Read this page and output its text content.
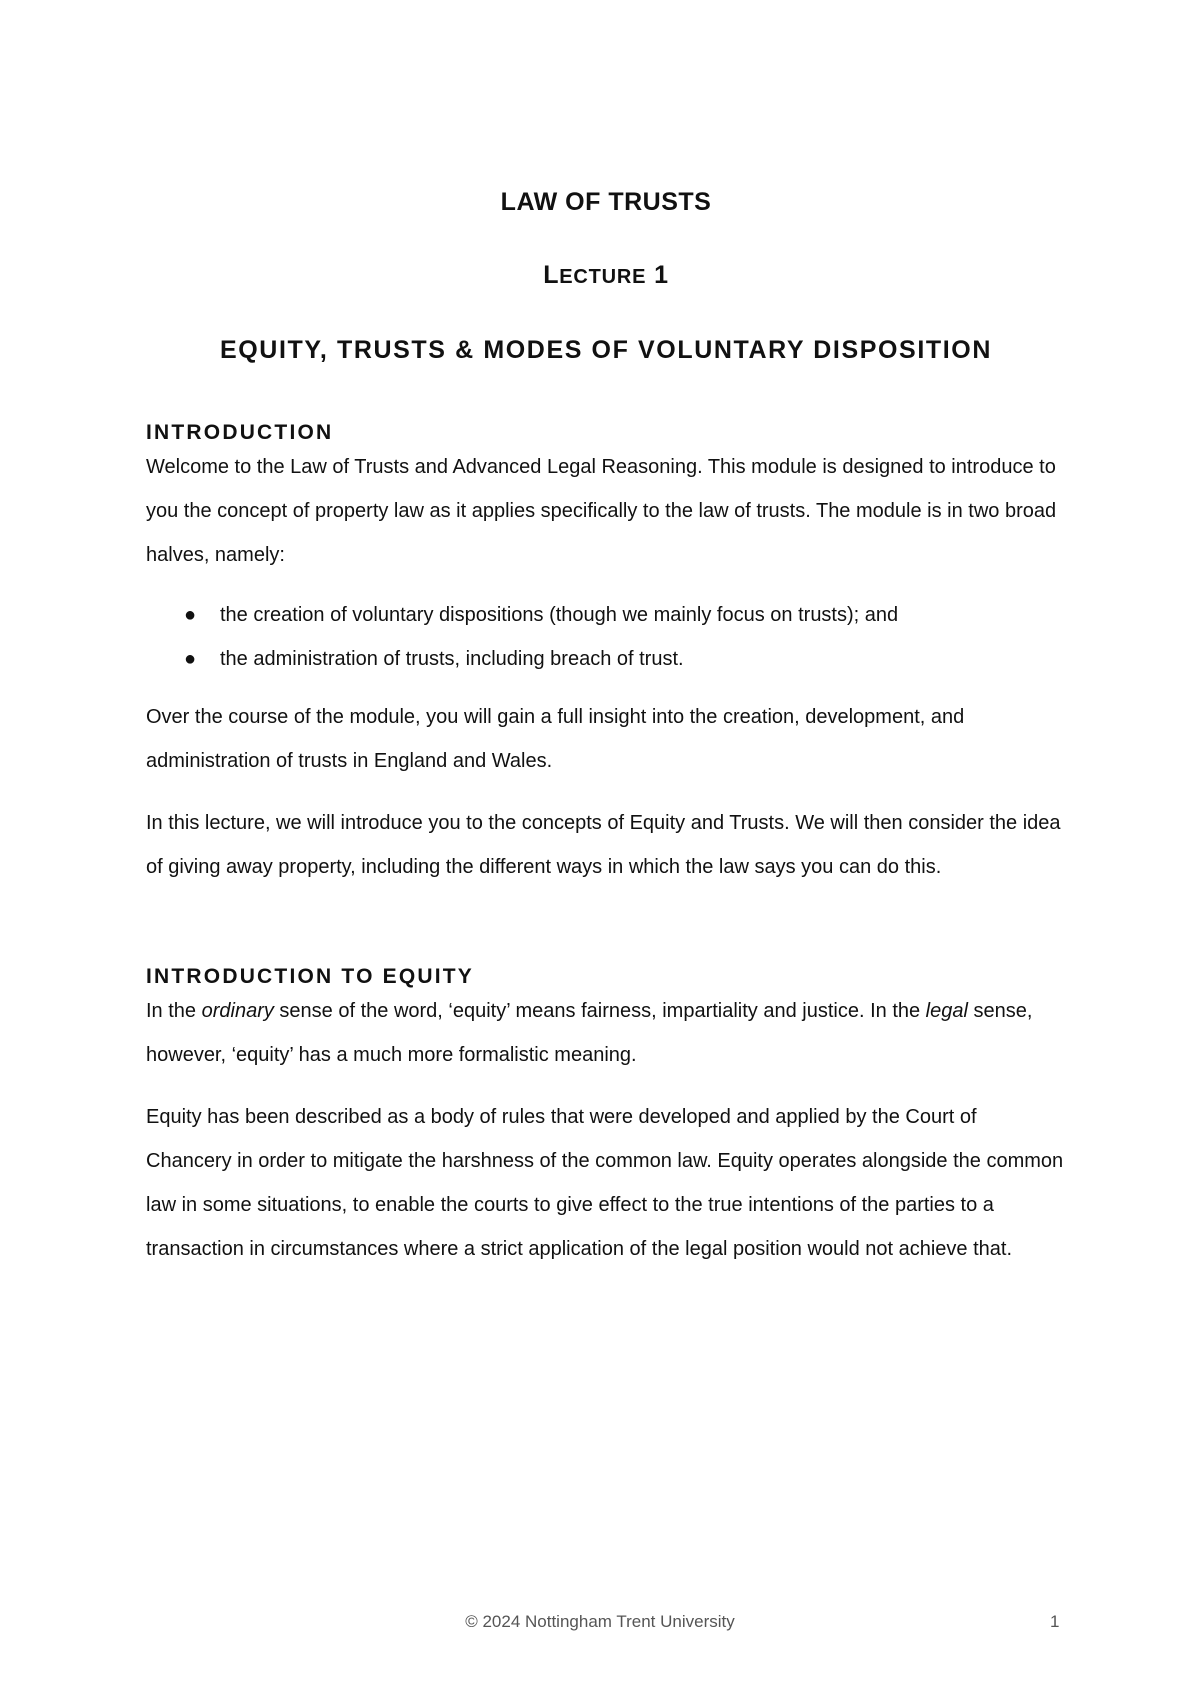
LAW OF TRUSTS
LECTURE 1
EQUITY, TRUSTS & MODES OF VOLUNTARY DISPOSITION
INTRODUCTION

Welcome to the Law of Trusts and Advanced Legal Reasoning. This module is designed to introduce to you the concept of property law as it applies specifically to the law of trusts. The module is in two broad halves, namely:

● the creation of voluntary dispositions (though we mainly focus on trusts); and
● the administration of trusts, including breach of trust.

Over the course of the module, you will gain a full insight into the creation, development, and administration of trusts in England and Wales.

In this lecture, we will introduce you to the concepts of Equity and Trusts. We will then consider the idea of giving away property, including the different ways in which the law says you can do this.

INTRODUCTION TO EQUITY

In the ordinary sense of the word, ‘equity’ means fairness, impartiality and justice. In the legal sense, however, ‘equity’ has a much more formalistic meaning.

Equity has been described as a body of rules that were developed and applied by the Court of Chancery in order to mitigate the harshness of the common law. Equity operates alongside the common law in some situations, to enable the courts to give effect to the true intentions of the parties to a transaction in circumstances where a strict application of the legal position would not achieve that.

© 2024 Nottingham Trent University	1
